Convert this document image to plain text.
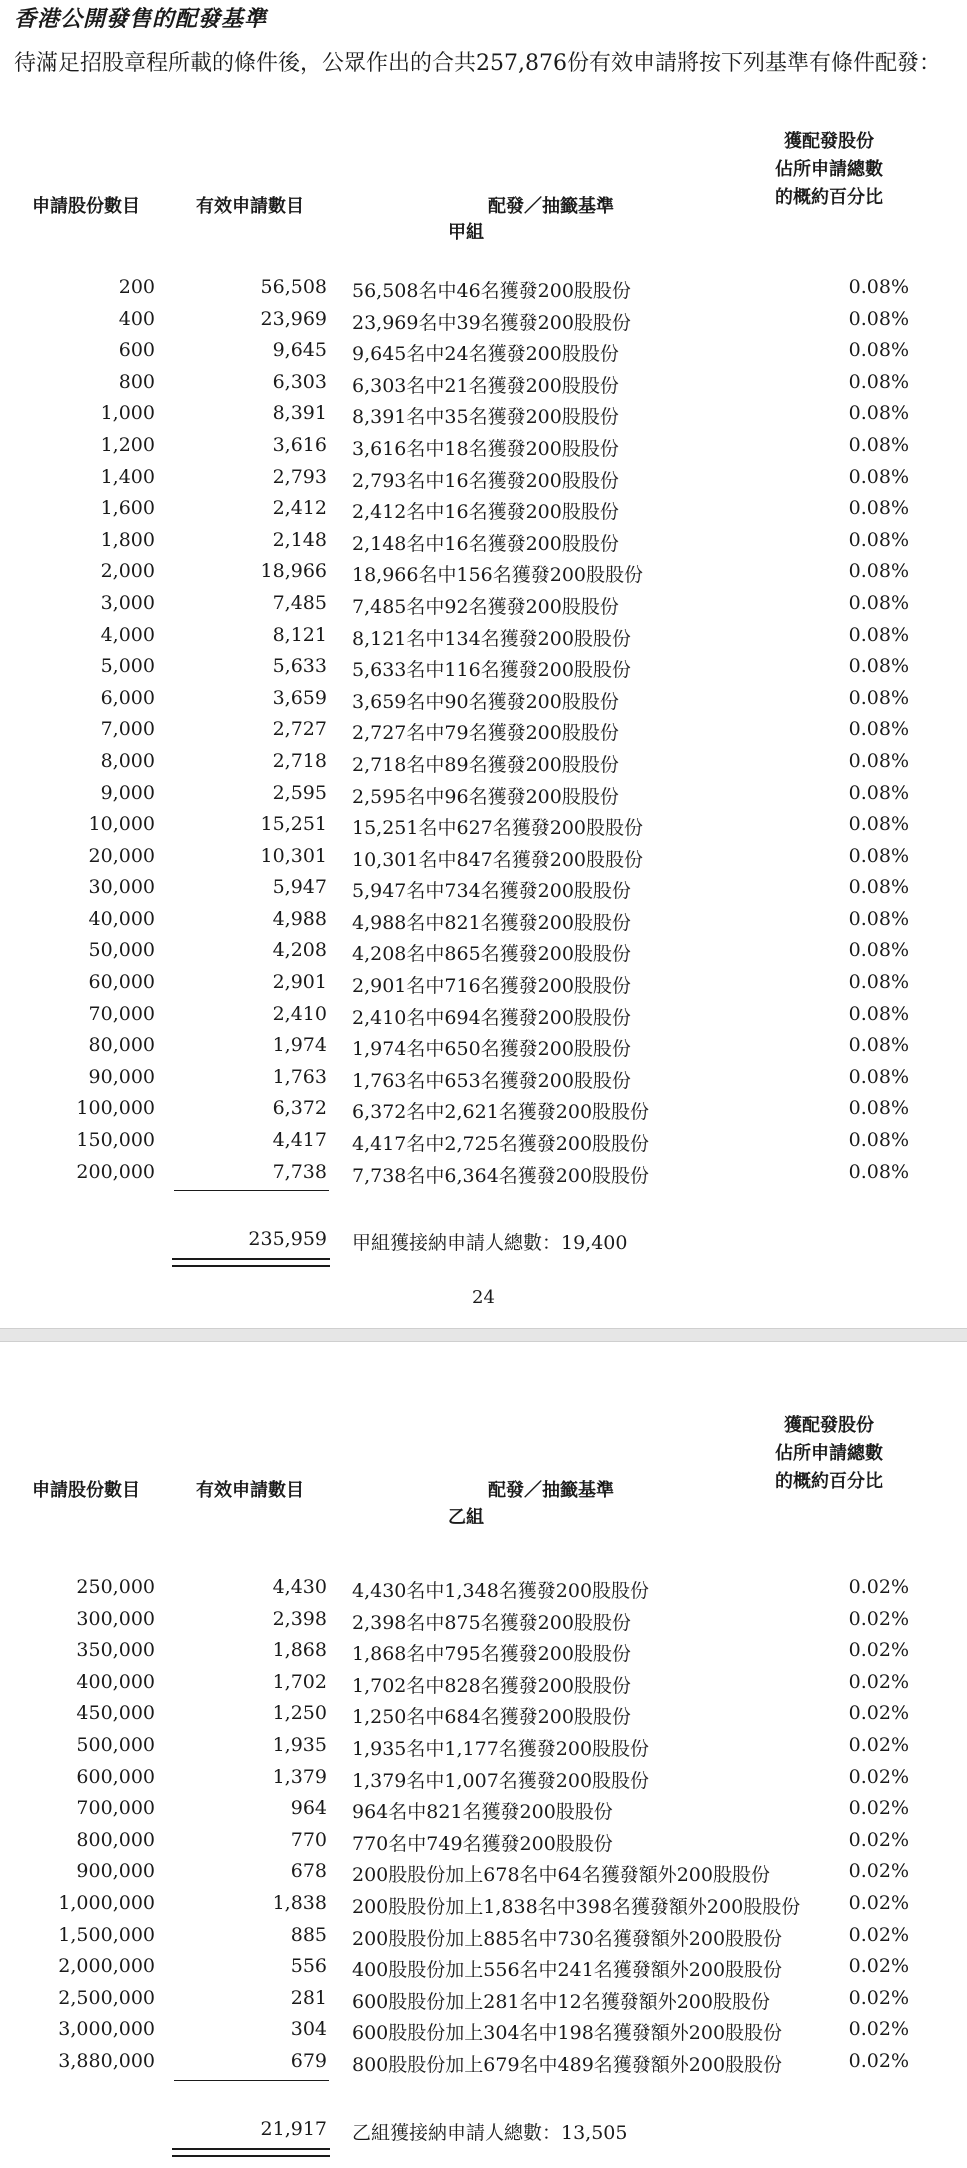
香港公開發售的配發基準
待滿足招股章程所載的條件後，公眾作出的合共257,876份有效申請將按下列基準有條件配發：
獲配發股份
佔所申請總數
的概約百分比
申請股份數目	有效申請數目	配發／抽籤基準
甲組
200	56,508 56,508名中46名獲發200股股份	0.08%
400	23,969 23,969名中39名獲發200股股份	0.08%
600	9,645 9,645名中24名獲發200股股份	0.08%
800	6,303 6,303名中21名獲發200股股份	0.08%
1,000	8,391 8,391名中35名獲發200股股份	0.08%
1,200	3,616 3,616名中18名獲發200股股份	0.08%
1,400	2,793 2,793名中16名獲發200股股份	0.08%
1,600	2,412 2,412名中16名獲發200股股份	0.08%
1,800	2,148 2,148名中16名獲發200股股份	0.08%
2,000	18,966 18,966名中156名獲發200股股份	0.08%
3,000	7,485 7,485名中92名獲發200股股份	0.08%
4,000	8,121 8,121名中134名獲發200股股份	0.08%
5,000	5,633 5,633名中116名獲發200股股份	0.08%
6,000	3,659 3,659名中90名獲發200股股份	0.08%
7,000	2,727 2,727名中79名獲發200股股份	0.08%
8,000	2,718 2,718名中89名獲發200股股份	0.08%
9,000	2,595 2,595名中96名獲發200股股份	0.08%
10,000	15,251 15,251名中627名獲發200股股份	0.08%
20,000	10,301 10,301名中847名獲發200股股份	0.08%
30,000	5,947 5,947名中734名獲發200股股份	0.08%
40,000	4,988 4,988名中821名獲發200股股份	0.08%
50,000	4,208 4,208名中865名獲發200股股份	0.08%
60,000	2,901 2,901名中716名獲發200股股份	0.08%
70,000	2,410 2,410名中694名獲發200股股份	0.08%
80,000	1,974 1,974名中650名獲發200股股份	0.08%
90,000	1,763 1,763名中653名獲發200股股份	0.08%
100,000	6,372 6,372名中2,621名獲發200股股份	0.08%
150,000	4,417 4,417名中2,725名獲發200股股份	0.08%
200,000	7,738 7,738名中6,364名獲發200股股份	0.08%
235,959 甲組獲接納申請人總數：19,400
24
獲配發股份
佔所申請總數
的概約百分比
申請股份數目	有效申請數目	配發／抽籤基準
乙組
250,000	4,430 4,430名中1,348名獲發200股股份	0.02%
300,000	2,398 2,398名中875名獲發200股股份	0.02%
350,000	1,868 1,868名中795名獲發200股股份	0.02%
400,000	1,702 1,702名中828名獲發200股股份	0.02%
450,000	1,250 1,250名中684名獲發200股股份	0.02%
500,000	1,935 1,935名中1,177名獲發200股股份	0.02%
600,000	1,379 1,379名中1,007名獲發200股股份	0.02%
700,000	964 964名中821名獲發200股股份	0.02%
800,000	770 770名中749名獲發200股股份	0.02%
900,000	678 200股股份加上678名中64名獲發額外200股股份	0.02%
1,000,000	1,838 200股股份加上1,838名中398名獲發額外200股股份	0.02%
1,500,000	885 200股股份加上885名中730名獲發額外200股股份	0.02%
2,000,000	556 400股股份加上556名中241名獲發額外200股股份	0.02%
2,500,000	281 600股股份加上281名中12名獲發額外200股股份	0.02%
3,000,000	304 600股股份加上304名中198名獲發額外200股股份	0.02%
3,880,000	679 800股股份加上679名中489名獲發額外200股股份	0.02%
21,917 乙組獲接納申請人總數：13,505
